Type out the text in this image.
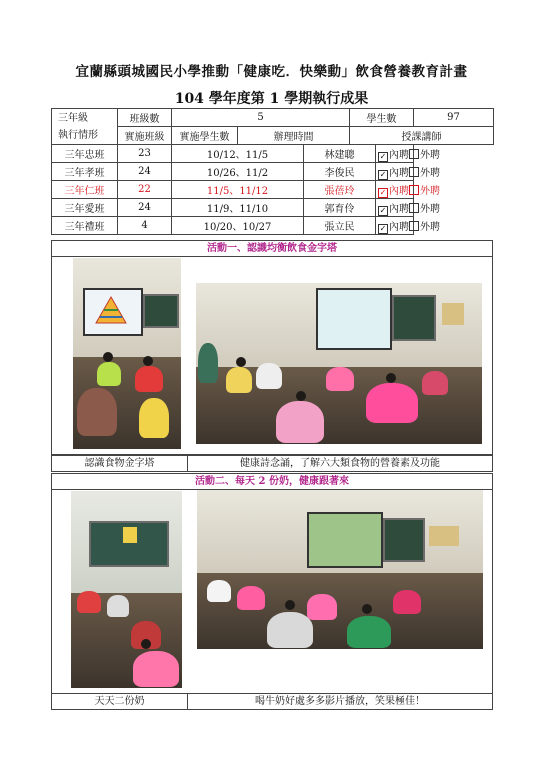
宜蘭縣頭城國民小學推動「健康吃．快樂動」飲食營養教育計畫
104 學年度第 1 學期執行成果
三年級
執行情形	班級數	5			學生數		97
	實施班級	實施學生數	辦理時間		授課講師		
三年忠班	23	10/12、11/5		林建聰		✓ 內聘 外聘	
三年孝班	24	10/26、11/2		李俊民		✓ 內聘 外聘	
三年仁班	22	11/5、11/12		張蓓玲		✓ 內聘 外聘	
三年愛班	24	11/9、11/10		郭育伶		✓ 內聘 外聘	
三年禮班	4	10/20、10/27		張立民		✓ 內聘 外聘	
活動一、認識均衡飲食金字塔
認識食物金字塔	健康詩念誦，了解六大類食物的營養素及功能
活動二、每天 2 份奶，健康跟著來
天天二份奶	喝牛奶好處多多影片播放，笑果極佳！
